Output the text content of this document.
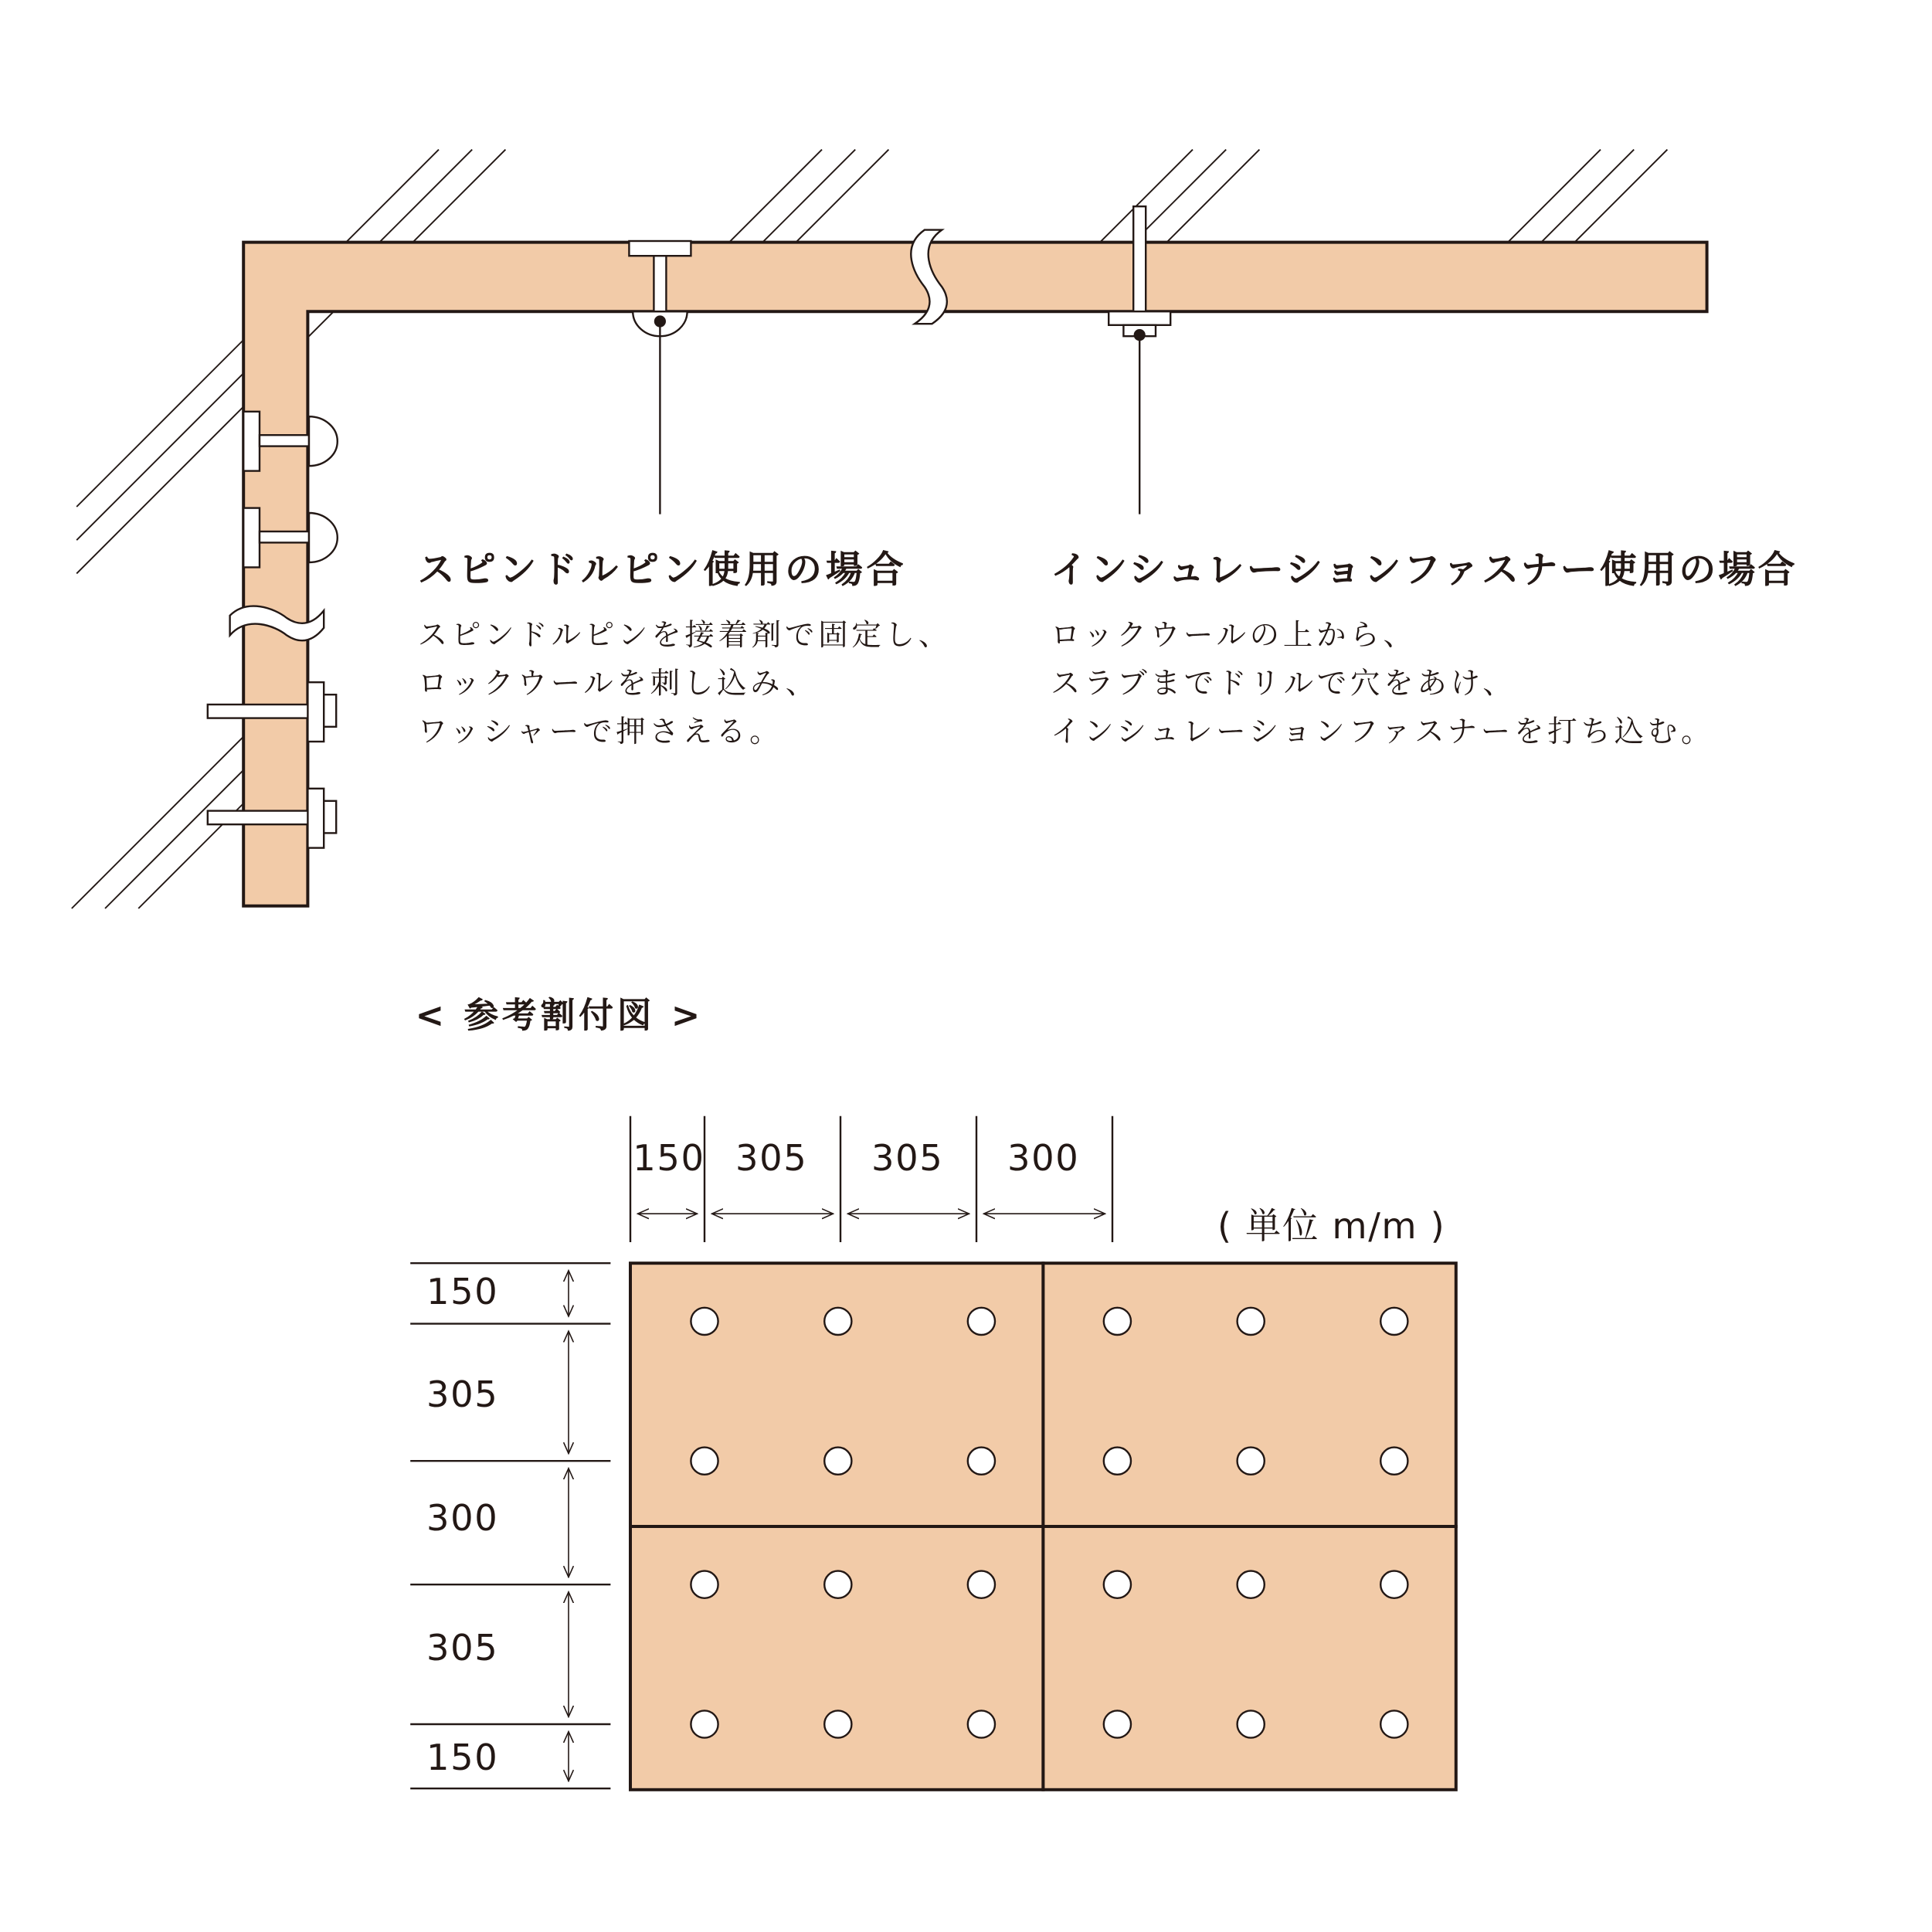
スピンドルピン使用の場合
スピンドルピンを接着剤で固定し、
ロックウールを刺し込み、
ワッシャーで押さえる。
インシュレーションファスナー使用の場合
ロックウールの上から、
スラブまでドリルで穴をあけ、
インシュレーションファスナーを打ち込む。
< 参考割付図 >
150 305	305	300
( 単位 m/m )
150
305
300
305
150
